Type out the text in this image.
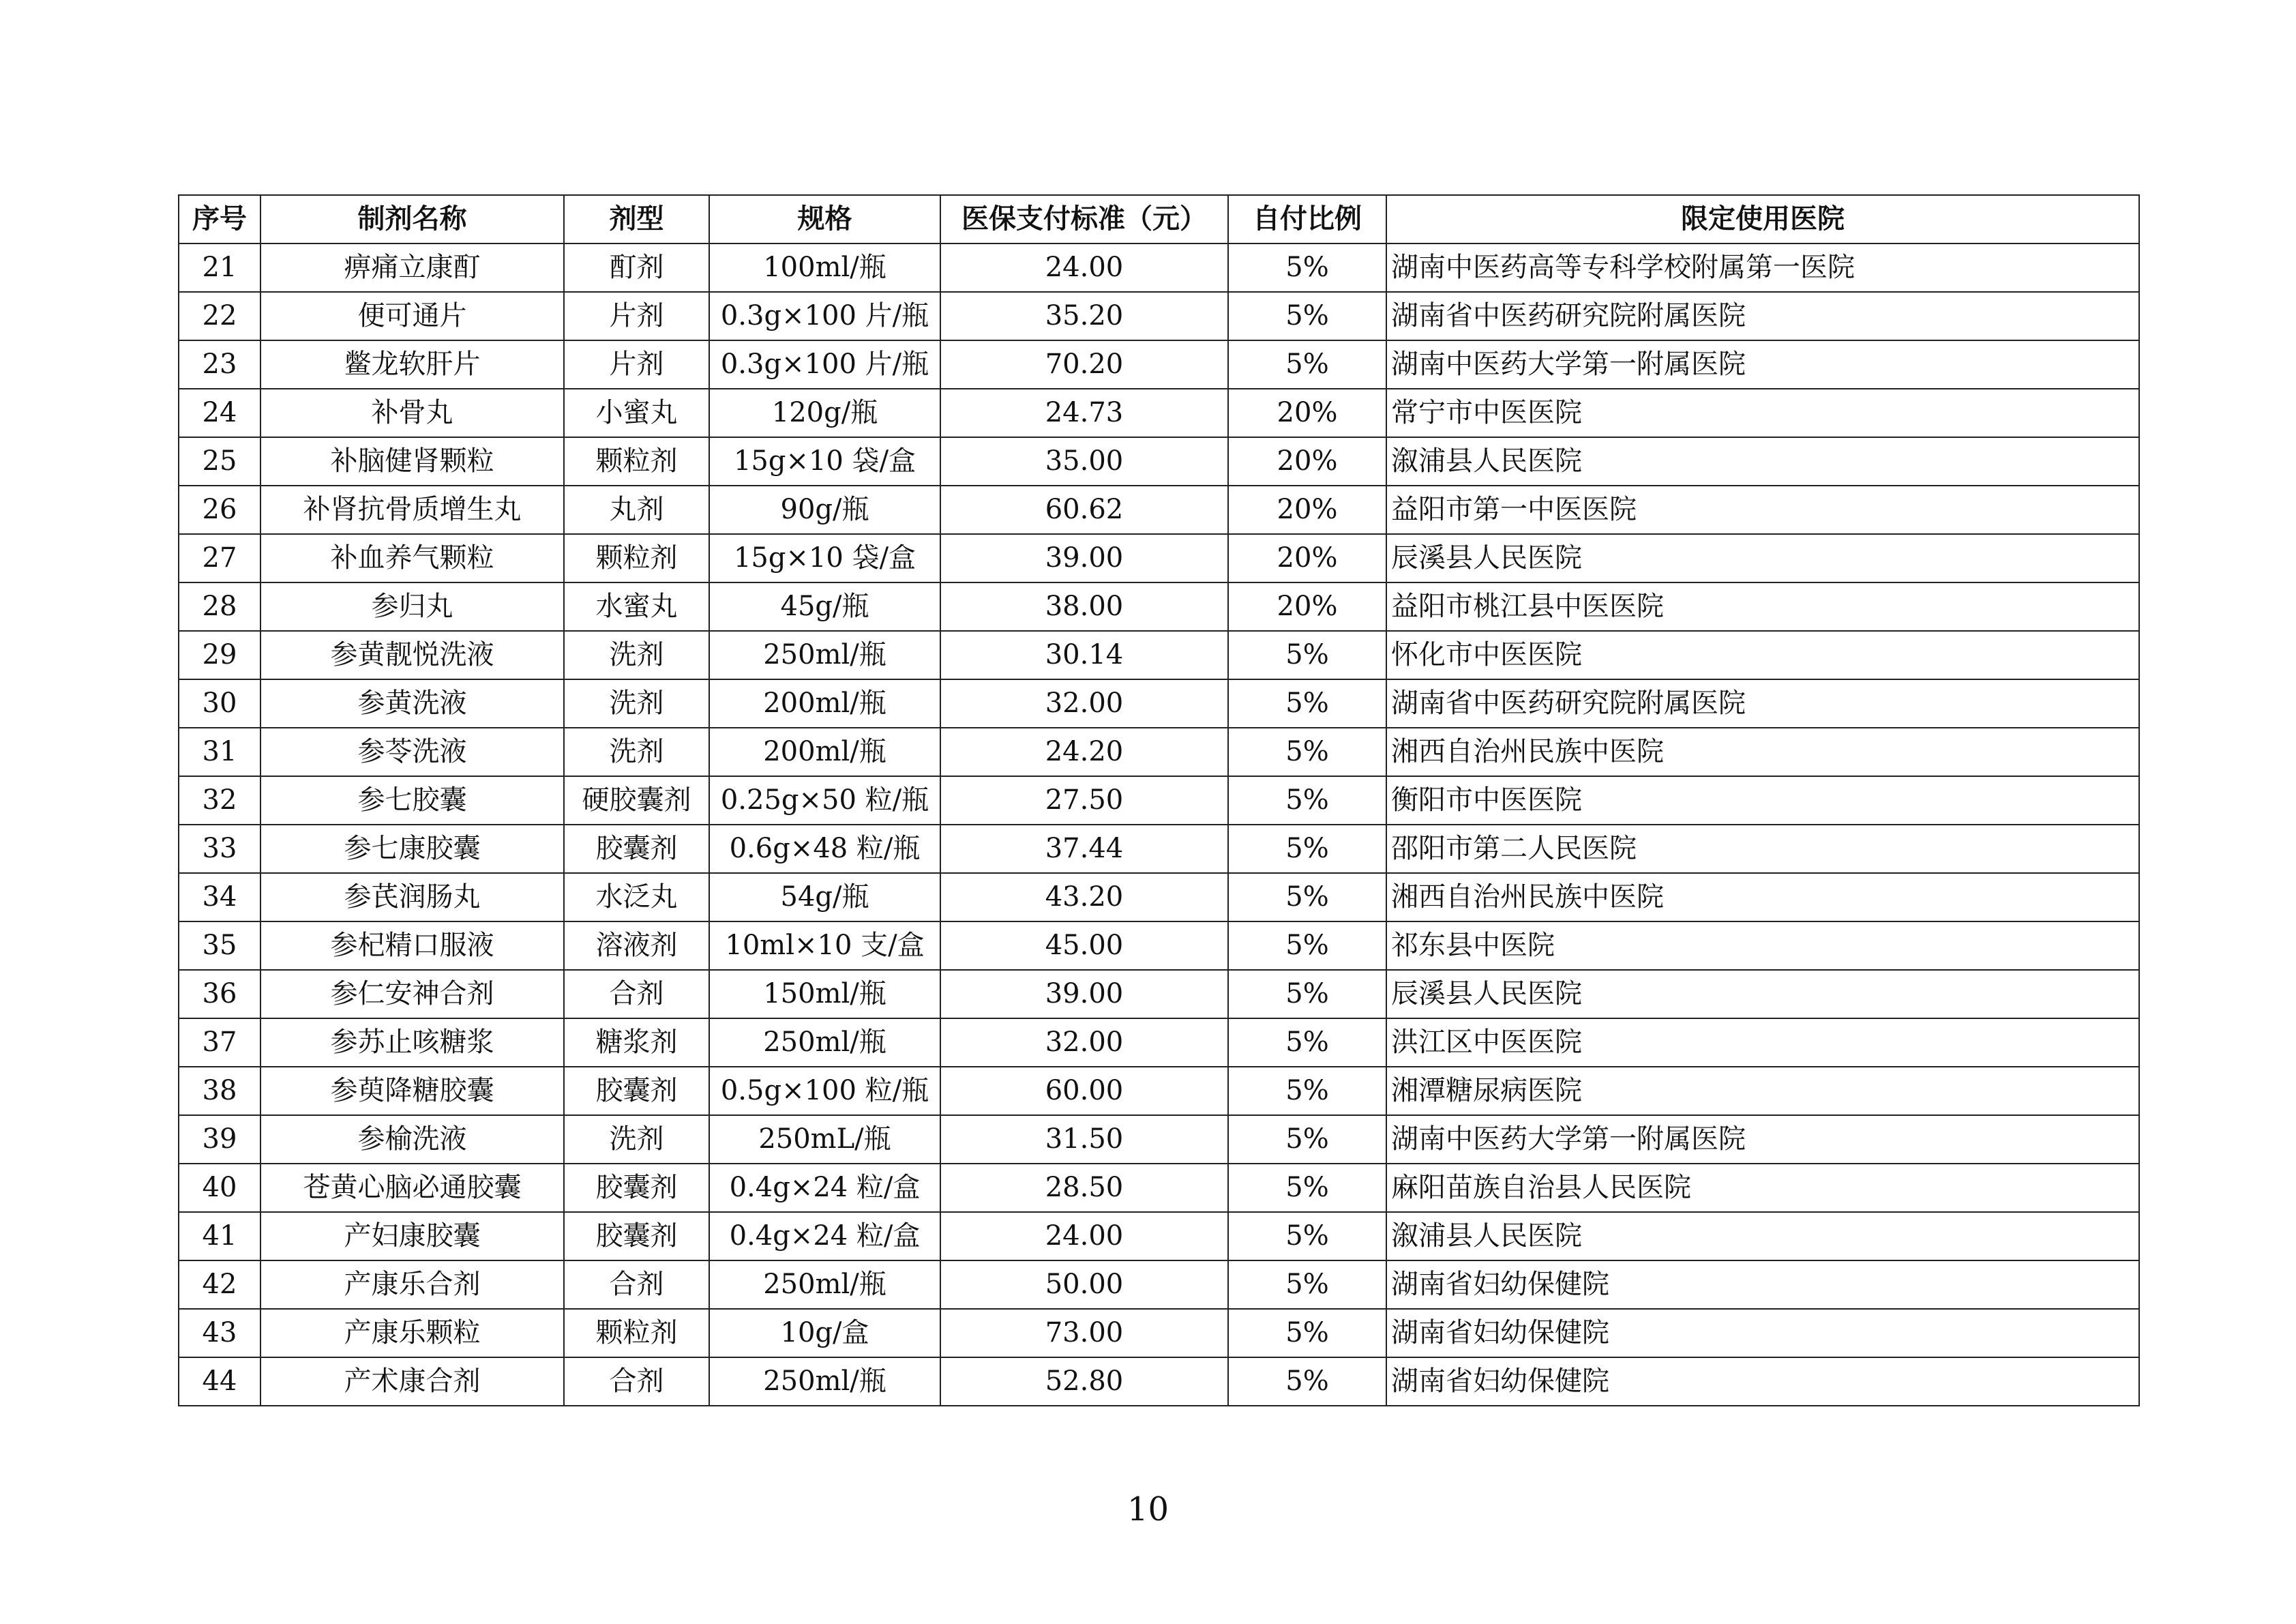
序号	制剂名称	剂型	规格	医保支付标准（元）	自付比例	限定使用医院
21	痹痛立康酊	酊剂	100ml/瓶	24.00	5%	湖南中医药高等专科学校附属第一医院
22	便可通片	片剂	0.3g×100 片/瓶	35.20	5%	湖南省中医药研究院附属医院
23	鳖龙软肝片	片剂	0.3g×100 片/瓶	70.20	5%	湖南中医药大学第一附属医院
24	补骨丸	小蜜丸	120g/瓶	24.73	20%	常宁市中医医院
25	补脑健肾颗粒	颗粒剂	15g×10 袋/盒	35.00	20%	溆浦县人民医院
26	补肾抗骨质增生丸	丸剂	90g/瓶	60.62	20%	益阳市第一中医医院
27	补血养气颗粒	颗粒剂	15g×10 袋/盒	39.00	20%	辰溪县人民医院
28	参归丸	水蜜丸	45g/瓶	38.00	20%	益阳市桃江县中医医院
29	参黄靓悦洗液	洗剂	250ml/瓶	30.14	5%	怀化市中医医院
30	参黄洗液	洗剂	200ml/瓶	32.00	5%	湖南省中医药研究院附属医院
31	参苓洗液	洗剂	200ml/瓶	24.20	5%	湘西自治州民族中医院
32	参七胶囊	硬胶囊剂	0.25g×50 粒/瓶	27.50	5%	衡阳市中医医院
33	参七康胶囊	胶囊剂	0.6g×48 粒/瓶	37.44	5%	邵阳市第二人民医院
34	参芪润肠丸	水泛丸	54g/瓶	43.20	5%	湘西自治州民族中医院
35	参杞精口服液	溶液剂	10ml×10 支/盒	45.00	5%	祁东县中医院
36	参仁安神合剂	合剂	150ml/瓶	39.00	5%	辰溪县人民医院
37	参苏止咳糖浆	糖浆剂	250ml/瓶	32.00	5%	洪江区中医医院
38	参萸降糖胶囊	胶囊剂	0.5g×100 粒/瓶	60.00	5%	湘潭糖尿病医院
39	参榆洗液	洗剂	250mL/瓶	31.50	5%	湖南中医药大学第一附属医院
40	苍黄心脑必通胶囊	胶囊剂	0.4g×24 粒/盒	28.50	5%	麻阳苗族自治县人民医院
41	产妇康胶囊	胶囊剂	0.4g×24 粒/盒	24.00	5%	溆浦县人民医院
42	产康乐合剂	合剂	250ml/瓶	50.00	5%	湖南省妇幼保健院
43	产康乐颗粒	颗粒剂	10g/盒	73.00	5%	湖南省妇幼保健院
44	产术康合剂	合剂	250ml/瓶	52.80	5%	湖南省妇幼保健院
10
